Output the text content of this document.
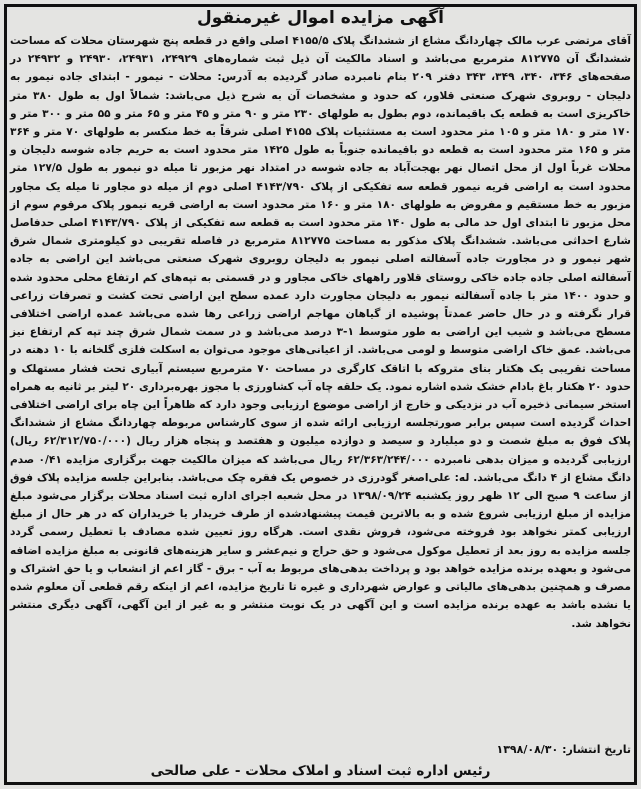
آگهی مزایده اموال غیرمنقول

آقای مرتضی عرب مالک چهاردانگ مشاع از ششدانگ پلاک ۴۱۵۵/۵ اصلی واقع در قطعه پنج شهرستان محلات که مساحت ششدانگ آن ۸۱۲۷۷۵ مترمربع می‌باشد و اسناد مالکیت آن ذیل ثبت شماره‌های ۲۴۹۲۹، ۲۴۹۳۱، ۲۴۹۳۰ و ۲۴۹۳۲ در صفحه‌های ۳۴۶، ۳۴۰، ۳۴۹، ۳۴۳ دفتر ۲۰۹ بنام نامبرده صادر گردیده به آدرس: محلات - نیمور - ابتدای جاده نیمور به دلیجان - روبروی شهرک صنعتی قلاور، که حدود و مشخصات آن به شرح ذیل می‌باشد: شمالاً اول به طول ۳۸۰ متر خاکریزی است به قطعه یک باقیمانده، دوم بطول به طولهای ۲۳۰ متر و ۹۰ متر و ۴۵ متر و ۶۵ متر و ۵۵ متر و ۳۰۰ متر و ۱۷۰ متر و ۱۸۰ متر و ۱۰۵ متر محدود است به مستثنیات پلاک ۴۱۵۵ اصلی شرقاً به خط منکسر به طولهای ۷۰ متر و ۳۶۴ متر و ۱۶۵ متر محدود است به قطعه دو باقیمانده جنوباً به طول ۱۴۲۵ متر محدود است به حریم جاده شوسه دلیجان و محلات غرباً اول از محل اتصال نهر بهجت‌آباد به جاده شوسه در امتداد نهر مزبور تا میله دو نیمور به طول ۱۲۷/۵ متر محدود است به اراضی قریه نیمور قطعه سه تفکیکی از پلاک ۴۱۴۳/۷۹۰ اصلی دوم از میله دو مجاور تا میله یک مجاور مزبور به خط مستقیم و مفروض به طولهای ۱۸۰ متر و ۱۶۰ متر محدود است به اراضی قریه نیمور پلاک مرقوم سوم از محل مزبور تا ابتدای اول حد مالی به طول ۱۴۰ متر محدود است به قطعه سه تفکیکی از پلاک ۴۱۴۳/۷۹۰ اصلی حدفاصل شارع احداثی می‌باشد. ششدانگ پلاک مذکور به مساحت ۸۱۲۷۷۵ مترمربع در فاصله تقریبی دو کیلومتری شمال شرق شهر نیمور و در مجاورت جاده آسفالته اصلی نیمور به دلیجان روبروی شهرک صنعتی می‌باشد این اراضی به جاده آسفالته اصلی جاده جاده خاکی روستای قلاور راههای خاکی مجاور و در قسمتی به تپه‌های کم ارتفاع محلی محدود شده و حدود ۱۴۰۰ متر با جاده آسفالته نیمور به دلیجان مجاورت دارد عمده سطح این اراضی تحت کشت و تصرفات زراعی قرار نگرفته و در حال حاضر عمدتاً پوشیده از گیاهان مهاجم اراضی زراعی رها شده می‌باشد عمده اراضی اختلافی مسطح می‌باشد و شیب این اراضی به طور متوسط ۱-۳ درصد می‌باشد و در سمت شمال شرق چند تپه کم ارتفاع نیز می‌باشد. عمق خاک اراضی متوسط و لومی می‌باشد. از اعیانی‌های موجود می‌توان به اسکلت فلزی گلخانه با ۱۰ دهنه در مساحت تقریبی یک هکتار بنای متروکه با اتاقک کارگری در مساحت ۷۰ مترمربع سیستم آبیاری تحت فشار مستهلک و حدود ۲۰ هکتار باغ بادام خشک شده اشاره نمود. یک حلقه چاه آب کشاورزی با مجوز بهره‌برداری ۲۰ لیتر بر ثانیه به همراه استخر سیمانی ذخیره آب در نزدیکی و خارج از اراضی موضوع ارزیابی وجود دارد که ظاهراً این چاه برای اراضی اختلافی احداث گردیده است سپس برابر صورتجلسه ارزیابی ارائه شده از سوی کارشناس مربوطه چهاردانگ مشاع از ششدانگ پلاک فوق به مبلغ شصت و دو میلیارد و سیصد و دوازده میلیون و هفتصد و پنجاه هزار ریال (۶۲/۳۱۲/۷۵۰/۰۰۰ ریال) ارزیابی گردیده و میزان بدهی نامبرده ۶۲/۳۶۳/۲۴۴/۰۰۰ ریال می‌باشد که میزان مالکیت جهت برگزاری مزایده ۰/۴۱ صدم دانگ مشاع از ۴ دانگ می‌باشد. له: علی‌اصغر گودرزی در خصوص یک فقره چک می‌باشد. بنابراین جلسه مزایده پلاک فوق از ساعت ۹ صبح الی ۱۲ ظهر روز یکشنبه ۱۳۹۸/۰۹/۲۴ در محل شعبه اجرای اداره ثبت اسناد محلات برگزار می‌شود مبلغ مزایده از مبلغ ارزیابی شروع شده و به بالاترین قیمت پیشنهادشده از طرف خریدار یا خریداران که در هر حال از مبلغ ارزیابی کمتر نخواهد بود فروخته می‌شود، فروش نقدی است. هرگاه روز تعیین شده مصادف با تعطیل رسمی گردد جلسه مزایده به روز بعد از تعطیل موکول می‌شود و حق حراج و نیم‌عشر و سایر هزینه‌های قانونی به مبلغ مزایده اضافه می‌شود و بعهده برنده مزایده خواهد بود و پرداخت بدهی‌های مربوط به آب - برق - گاز اعم از انشعاب و یا حق اشتراک و مصرف و همچنین بدهی‌های مالیاتی و عوارض شهرداری و غیره تا تاریخ مزایده، اعم از اینکه رقم قطعی آن معلوم شده یا نشده باشد به عهده برنده مزایده است و این آگهی در یک نوبت منتشر و به غیر از این آگهی، آگهی دیگری منتشر نخواهد شد.

تاریخ انتشار: ۱۳۹۸/۰۸/۳۰
رئیس اداره ثبت اسناد و املاک محلات - علی صالحی
